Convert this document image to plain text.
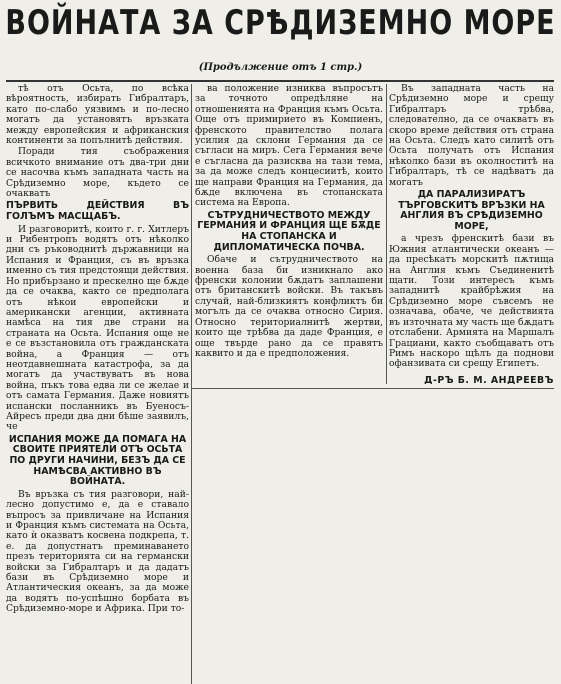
ВОЙНАТА ЗА СРѢДИЗЕМНО МОРЕ
(Продължение отъ 1 стр.)

тѣ отъ Осьта, по всѣка вѣроятность, избирать Гибралтаръ, като по-слабо уязвимъ и по-леснo могатъ да установятъ връзката между европейския и африканския континенти за попълнитѣ действия.

Поради тия съображения всичкото внимание отъ два-три дни се насочва къмъ западната часть на Срѣдиземно море, къдeто се очакватъ

ПЪРВИТЬ ДЕЙСТВИЯ ВЪ ГОЛЪМЪ МАСЩАБЪ.

И разговоритѣ, които г. г. Хитлеръ и Рибентропъ водятъ отъ нѣколко дни съ ръководнитѣ държавници на Испания и Франция, съ въ връзка именно съ тия предстоящи действия. Но прибързано и прескелно ще бѫде да се очаква, както се предполага отъ нѣкои европейски и американски агенции, активната намѣса на тия две страни на страната на Осьта. Испания още не е се възстановила отъ гражданската война, а Франция — отъ неотдавнешната катастрофа, за да могатъ да участвуватъ въ нова война, пъкъ това едва ли се желае и отъ самата Германия. Даже новиятъ испански посланникъ въ Буеносъ-Айресъ преди два дни бѣше заявилъ, че

ИСПАНИЯ МОЖЕ ДА ПОМАГА НА СВОИТЕ ПРИЯТЕЛИ ОТЪ ОСЬТА ПО ДРУГИ НАЧИНИ, БЕЗЪ ДА СЕ НАМѢСВА АКТИВНО ВЪ ВОЙНАТА.

Въ връзка съ тия разговори, най-лесно допустимо е, да е ставало въпросъ за привличане на Испания и Франция къмъ системата на Осьта, като ѝ оказватъ косвена подкрепа, т. е. да допустнатъ преминаването презъ територията си на германски войски за Гибралтаръ и да дадатъ бази въ Срѣдиземно море и Атлантическия океанъ, за да може да водятъ по-успѣшно борбата въ Срѣдиземно-море и Африка. При то-

ва положение изниква въпросътъ за точното опредѣляне на отношенията на Франция къмъ Осьта. Още отъ примирието въ Компиенъ, френското правителство полага усилия да склони Германия да се съгласи на миръ. Сега Германия вече е съгласна да разисква на тази тема, за да може следъ концесиитѣ, които ще направи Франция на Германия, да бѫде включена въ стопанската система на Европа.

СЪТРУДНИЧЕСТВОТО МЕЖДУ ГЕРМАНИЯ И ФРАНЦИЯ ЩЕ БѪДЕ НА СТОПАНСКА И ДИПЛОМАТИЧЕСКА ПОЧВА.

Обаче и сътрудничеството на военна база би изникнало ако френски колонии бѫдатъ заплашени отъ британскитѣ войски. Въ такъвъ случай, най-близкиятъ конфликтъ би могълъ да се очаква относно Сирия. Относно териториалнитѣ жертви, които ще трѣбва да даде Франция, е още твърде рано да се правятъ каквито и да е предположения.

Въ западната часть на Срѣдиземно море и срещу Гибралтаръ трѣбва, следователно, да се очакватъ въ скоро време действия отъ страна на Осьта. Следъ като силитѣ отъ Осьта получатъ отъ Испания нѣколко бази въ околноститѣ на Гибралтаръ, тѣ се надѣватъ да могатъ

ДА ПАРАЛИЗИРАТЪ ТЪРГОВСКИТѢ ВРЪЗКИ НА АНГЛИЯ ВЪ СРѢДИЗЕМНО МОРЕ,

а чрезъ френскитѣ бази въ Южния атлантически океанъ — да пресѣкатъ морскитѣ пѫтища на Англия къмъ Съединенитѣ щати. Този интересъ къмъ западнитѣ крайбрѣжия на Срѣдиземно море съвсемъ не означава, обаче, че действията въ източната му часть ще бѫдатъ отслабени. Армията на Маршалъ Грациани, както съобщаватъ отъ Римъ наскоро щѣлъ да поднови офанзивата си срещу Египетъ.

Д-РЪ Б. М. АНДРЕЕВЪ
